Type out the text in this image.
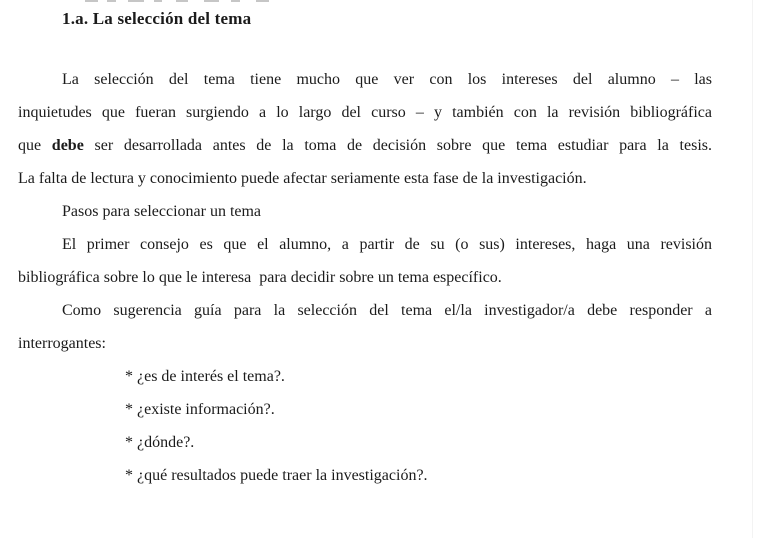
1.a. La selección del tema
La selección del tema tiene mucho que ver con los intereses del alumno – las
inquietudes que fueran surgiendo a lo largo del curso – y también con la revisión bibliográfica
que debe ser desarrollada antes de la toma de decisión sobre que tema estudiar para la tesis.
La falta de lectura y conocimiento puede afectar seriamente esta fase de la investigación.
Pasos para seleccionar un tema
El primer consejo es que el alumno, a partir de su (o sus) intereses, haga una revisión
bibliográfica sobre lo que le interesa  para decidir sobre un tema específico.
Como sugerencia guía para la selección del tema el/la investigador/a debe responder a
interrogantes:
* ¿es de interés el tema?.
* ¿existe información?.
* ¿dónde?.
* ¿qué resultados puede traer la investigación?.
